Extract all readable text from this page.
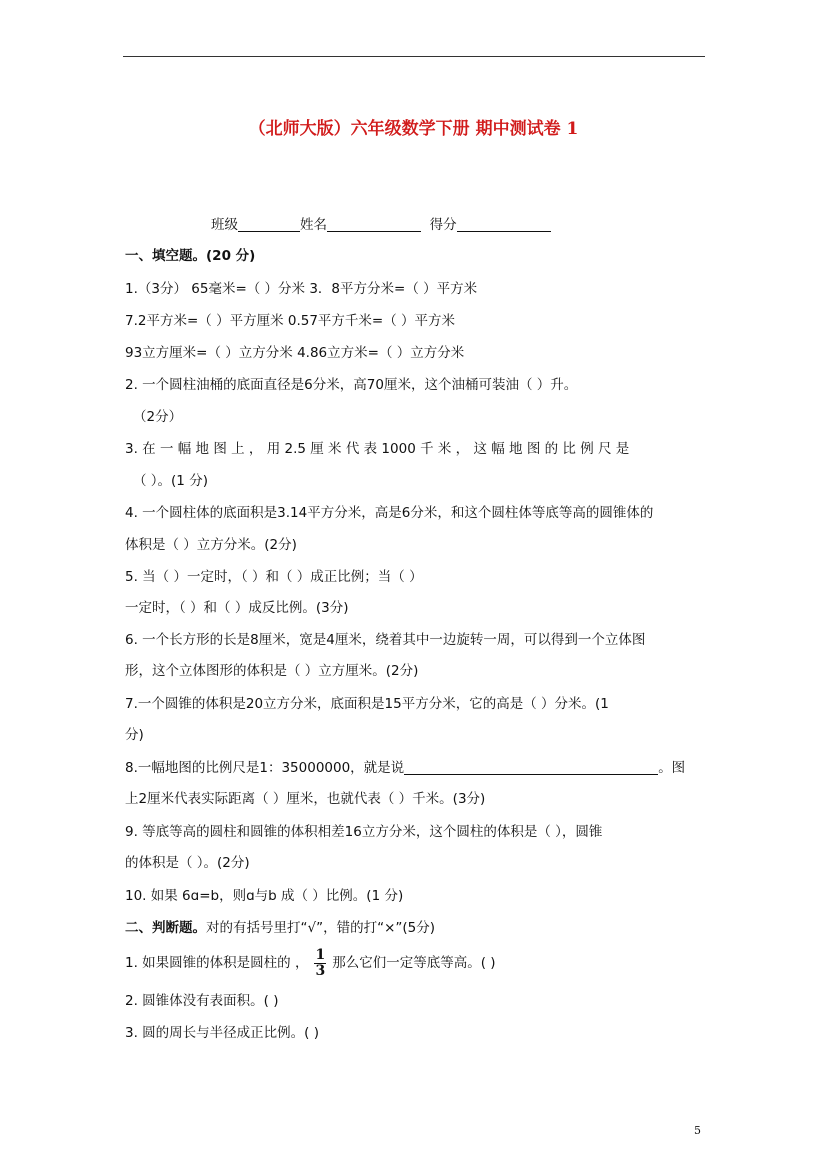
（北师大版）六年级数学下册 期中测试卷 1
班级	姓名	得分
一、填空题。(20 分)
1.（3分） 65毫米=（ ）分米 3．8平方分米=（ ）平方米
7.2平方米=（ ）平方厘米 0.57平方千米=（ ）平方米
93立方厘米=（ ）立方分米 4.86立方米=（ ）立方分米
2. 一个圆柱油桶的底面直径是6分米，高70厘米，这个油桶可装油（ ）升。
（2分）
3. 在 一 幅 地 图 上 ， 用 2.5 厘 米 代 表 1000 千 米 ， 这 幅 地 图 的 比 例 尺 是
（ ）。(1 分)
4. 一个圆柱体的底面积是3.14平方分米，高是6分米，和这个圆柱体等底等高的圆锥体的
体积是（ ）立方分米。(2分)
5. 当（ ）一定时，（ ）和（ ）成正比例；当（ ）
一定时，（ ）和（ ）成反比例。(3分)
6. 一个长方形的长是8厘米，宽是4厘米，绕着其中一边旋转一周，可以得到一个立体图
形，这个立体图形的体积是（ ）立方厘米。(2分)
7.一个圆锥的体积是20立方分米，底面积是15平方分米，它的高是（ ）分米。(1
分)
8.一幅地图的比例尺是1：35000000，就是说	。图
上2厘米代表实际距离（ ）厘米，也就代表（ ）千米。(3分)
9. 等底等高的圆柱和圆锥的体积相差16立方分米，这个圆柱的体积是（ ），圆锥
的体积是（ ）。(2分)
10. 如果 6ɑ=b，则ɑ与b 成（ ）比例。(1 分)
二、判断题。对的有括号里打“√”，错的打“×”(5分)
1. 如果圆锥的体积是圆柱的 ， $\frac{1}{3}$ 那么它们一定等底等高。( )
2. 圆锥体没有表面积。( )
3. 圆的周长与半径成正比例。( )
5
